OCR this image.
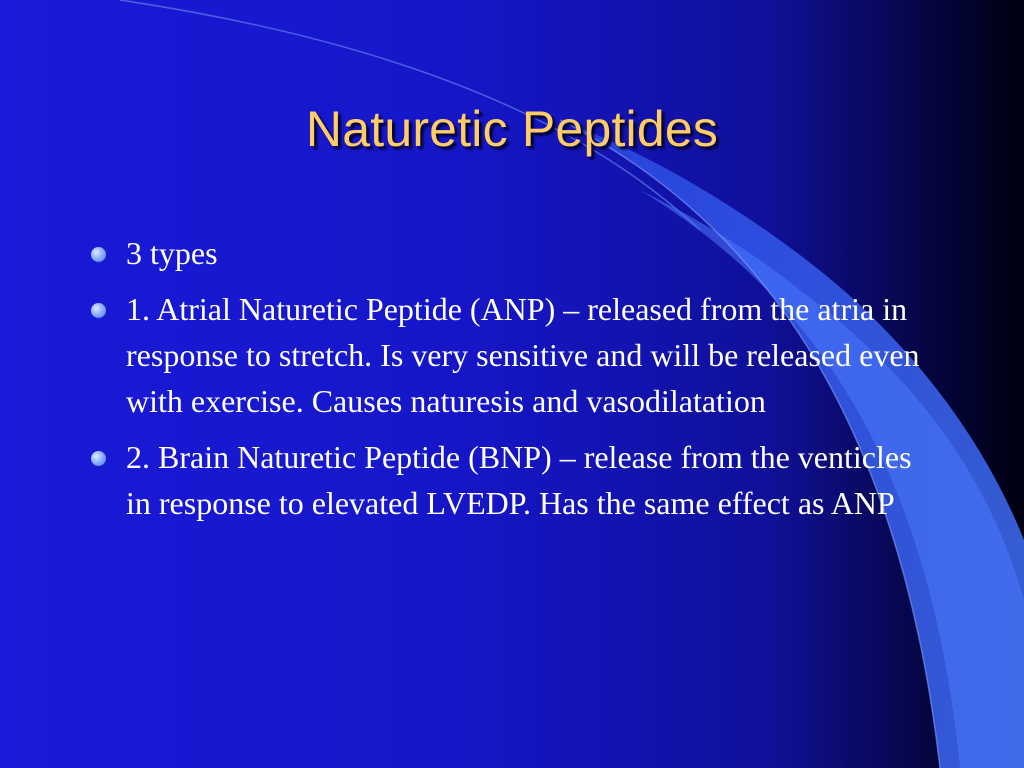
Naturetic Peptides
3 types
1. Atrial Naturetic Peptide (ANP) – released from the atria in response to stretch. Is very sensitive and will be released even with exercise. Causes naturesis and vasodilatation
2. Brain Naturetic Peptide (BNP) – release from the venticles in response to elevated LVEDP. Has the same effect as ANP
